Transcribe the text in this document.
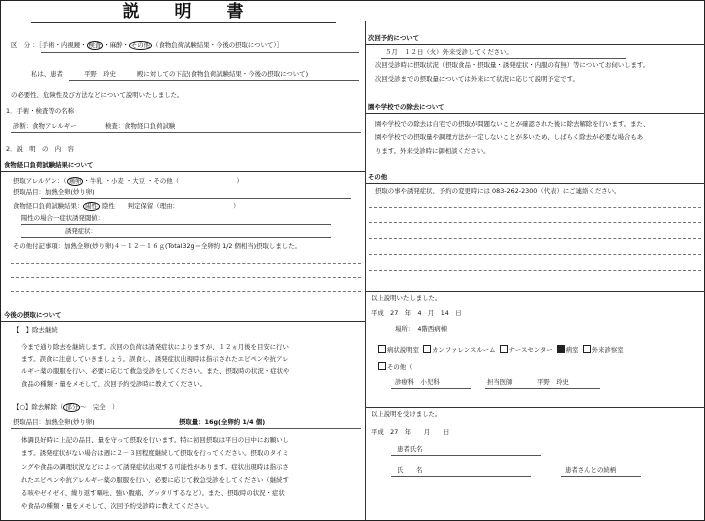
説 明 書
区　分 ：［手術・内視鏡・ 検査 ・麻酔・ その他 （食物負荷試験結果・今後の摂取について）］
私は、患者	平野　玲史	殿に対しての下記(食物負荷試験結果・今後の摂取について)
の必要性、危険性及び方法などについて説明いたしました。
1．手術・検査等の名称
診断：食物アレルギー	検査：食物経口負荷試験
2．説　明　の　内　容
食物経口負荷試験結果について
摂取アレルゲン：（ 鶏卵 ・牛乳 ・小麦 ・大豆 ・その他（　　　　　　　　　）
摂取品目：加熱全卵(炒り卵)
食物経口負荷試験結果： 陽性 陰性　　判定保留（理由：　　　　　　　　　）
陽性の場合一症状誘発閾値：
誘発症状：
その他付記事項：加熱全卵(炒り卵)４－１２－１６ｇ(Total32g＝全卵約 1/2 個相当)摂取しました。
今後の摂取について
【　】除去継続
今まで通り除去を継続します。次回の負荷は誘発症状によりますが、１２ヵ月後を目安に行い
ます。誤食に注意していきましょう。誤食し、誘発症状出現時は指示されたエピペンや抗アレ
ルギー薬の服服を行い、必要に応じて救急受診をしてください。また、摂取時の状況・症状や
食品の種類・量をメモして、次回予約受診時に教えてください。
【○】除去解除（ 部分 ～　完全　）
摂取品目：加熱全卵(炒り卵)	摂取量：16g(全卵約 1/4 個)
体調良好時に上記の品目、量を守って摂取を行います。特に初回摂取は平日の日中にお願いし
ます。誘発症状がない場合は週に２－３回程度継続して摂取を行ってください。摂取のタイミ
ングや食品の調理状況などによって誘発症状出現する可能性があります。症状出現時は指示さ
れたエピペンや抗アレルギー薬の服服を行い、必要に応じて救急受診をしてください（継続す
る咳やゼイゼイ、繰り返す嘔吐、強い腹痛、グッタリするなど）。また、摂取時の状況・症状
や食品の種類・量をメモして、次回予約受診時に教えてください。
次回予約について
５月　１２日（火）外来受診してください。
次回受診時に摂取状況（摂取食品・摂取量・誘発症状・内服の有無）等についてお伺いします。
次回受診までの摂取量については外来にて状況に応じて説明予定です。
園や学校での除去について
園や学校での除去は自宅での摂取が問題ないことが確認された後に除去解除を行います。また、
園や学校での摂取量や調理方法が一定しないことが多いため、しばらく除去が必要な場合もあ
ります。外来受診時に御相談ください。
その他
摂取の事や誘発症状、予約の変更時には 083-262-2300（代表）にご連絡ください。
以上説明いたしました。
平成　27　年　4　月　14　日
場所：　4階西病棟
病状説明室 カンファレンスルーム ナースセンター 病室 外来診察室
その他（
診療科　小児科	担当医師	平野　玲史
以上説明を受けました。
平成　27　年　　月　　日
患者氏名
氏　　名	患者さんとの続柄
